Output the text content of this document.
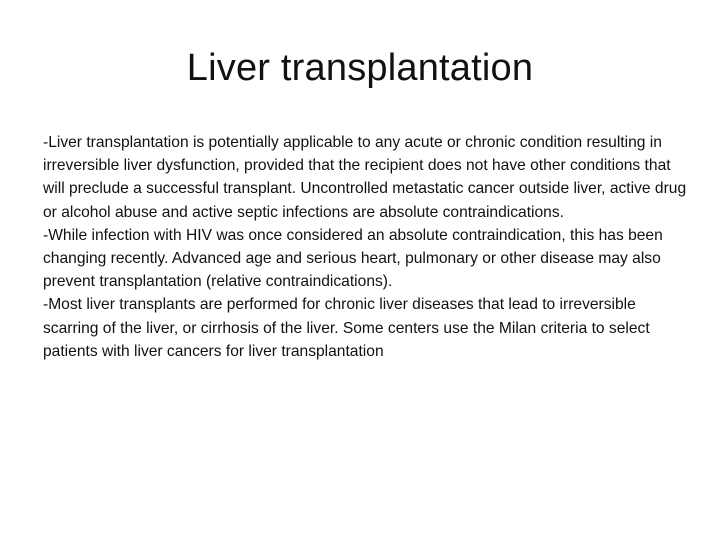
Liver transplantation

-Liver transplantation is potentially applicable to any acute or chronic condition resulting in irreversible liver dysfunction, provided that the recipient does not have other conditions that will preclude a successful transplant. Uncontrolled metastatic cancer outside liver, active drug or alcohol abuse and active septic infections are absolute contraindications.

-While infection with HIV was once considered an absolute contraindication, this has been changing recently. Advanced age and serious heart, pulmonary or other disease may also prevent transplantation (relative contraindications).

-Most liver transplants are performed for chronic liver diseases that lead to irreversible scarring of the liver, or cirrhosis of the liver. Some centers use the Milan criteria to select patients with liver cancers for liver transplantation
